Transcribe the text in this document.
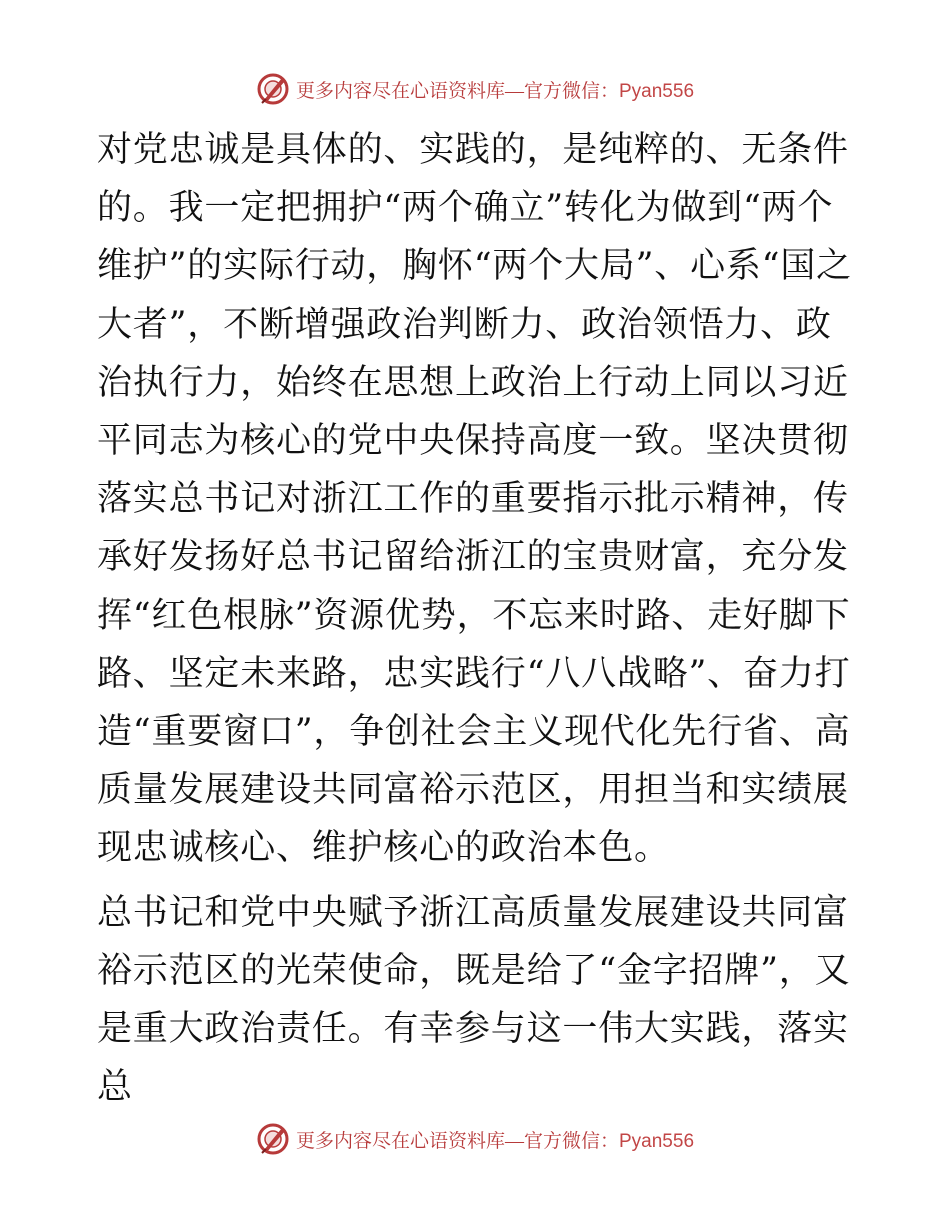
更多内容尽在心语资料库—官方微信：Pyan556

对党忠诚是具体的、实践的，是纯粹的、无条件的。我一定把拥护“两个确立”转化为做到“两个维护”的实际行动，胸怀“两个大局”、心系“国之大者”，不断增强政治判断力、政治领悟力、政治执行力，始终在思想上政治上行动上同以习近平同志为核心的党中央保持高度一致。坚决贯彻落实总书记对浙江工作的重要指示批示精神，传承好发扬好总书记留给浙江的宝贵财富，充分发挥“红色根脉”资源优势，不忘来时路、走好脚下路、坚定未来路，忠实践行“八八战略”、奋力打造“重要窗口”，争创社会主义现代化先行省、高质量发展建设共同富裕示范区，用担当和实绩展现忠诚核心、维护核心的政治本色。

总书记和党中央赋予浙江高质量发展建设共同富裕示范区的光荣使命，既是给了“金字招牌”，又是重大政治责任。有幸参与这一伟大实践，落实总

更多内容尽在心语资料库—官方微信：Pyan556
